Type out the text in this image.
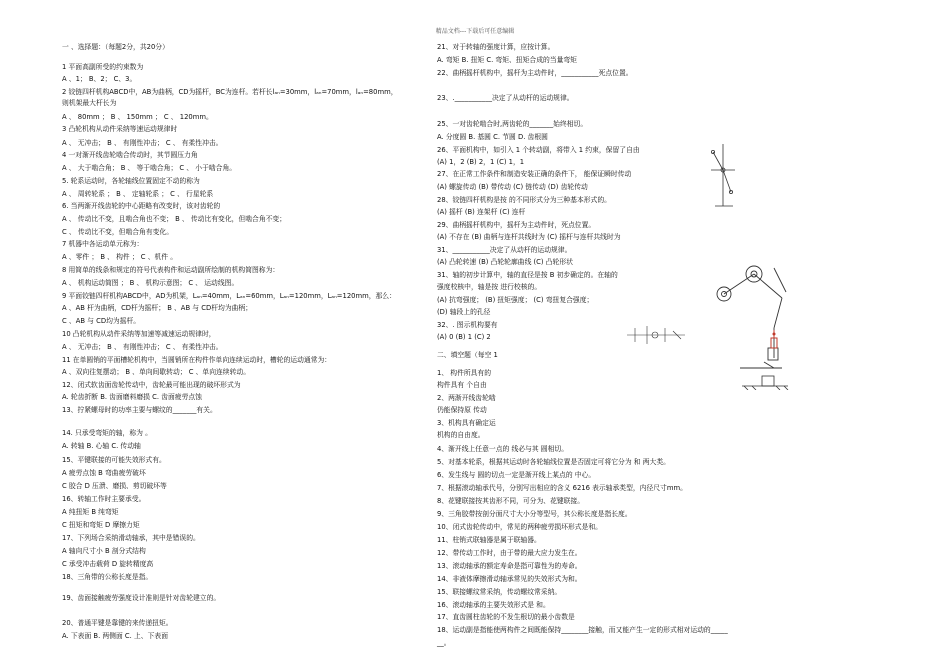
精品文档---下载后可任意编辑
一 、选择题：（每题2分，共20分）
1 平面高副所受的约束数为
A 、1； B、2； C、3。
2 铰链四杆机构ABCD中，AB为曲柄，CD为摇杆，BC为连杆。若杆长lₐₙ=30mm，lₐₙ=70mm，lₐₙ=80mm，
则机架最大杆长为
A 、 80mm ； B 、 150mm ； C 、 120mm。
3 凸轮机构从动件采纳等速运动规律时
A 、 无冲击； B 、 有刚性冲击； C 、 有柔性冲击。
4 一对渐开线齿轮啮合传动时，其节圆压力角
A 、 大于啮合角； B 、 等于啮合角； C 、 小于啮合角。
5. 轮系运动时，各轮轴线位置固定不动的称为
A 、 周转轮系 ； B 、 定轴轮系 ； C 、 行星轮系
6. 当两渐开线齿轮的中心距略有改变时，该对齿轮的
A 、 传动比不变，且啮合角也不变； B 、 传动比有变化，但啮合角不变；
C 、 传动比不变，但啮合角有变化。
7 机器中各运动单元称为：
A 、零件 ； B 、 构件 ； C 、机件 。
8 用简单的线条和规定的符号代表构件和运动副所绘制的机构简图称为：
A 、 机构运动简图 ； B 、 机构示意图； C 、 运动线图。
9 平面铰链四杆机构ABCD中，AD为机架，Lₐₙ=40mm，Lₐₙ=60mm，Lₐₙ=120mm，Lₐₙ=120mm，那么：
A 、AB 杆为曲柄，CD杆为摇杆； B 、AB 与 CD杆均为曲柄；
C 、AB 与 CD均为摇杆。
10 凸轮机构从动件采纳等加速等减速运动规律时，
A 、 无冲击； B 、 有刚性冲击； C 、 有柔性冲击。
11 在单圆销的平面槽轮机构中，当圆销所在构件作单向连续运动时，槽轮的运动通常为：
A 、双向往复摆动； B 、单向间歇转动； C 、单向连续转动。
12、闭式软齿面齿轮传动中，齿轮最可能出现的破坏形式为
A. 轮齿折断 B. 齿面磨料磨损 C. 齿面疲劳点蚀
13、拧紧螺母时的功率主要与螺纹的_______有关。
14. 只承受弯矩的轴，称为 。
A. 转轴 B. 心轴 C. 传动轴
15、平键联接的可能失效形式有。
A 疲劳点蚀 B 弯曲疲劳破坏
C 胶合 D 压溃、磨损、剪切破坏等
16、转轴工作时主要承受。
A 纯扭矩 B 纯弯矩
C 扭矩和弯矩 D 摩擦力矩
17、下列场合采纳滑动轴承，其中是错误的。
A 轴向尺寸小 B 剖分式结构
C 承受冲击载荷 D 旋转精度高
18、三角带的公称长度是指。
19、齿面接触疲劳强度设计准则是针对齿轮建立的。
20、普通平键是靠键的来传递扭矩。
A. 下表面 B. 两侧面 C. 上、下表面
21、对于转轴的强度计算，应按计算。
A. 弯矩 B. 扭矩 C. 弯矩、扭矩合成的当量弯矩
22、曲柄摇杆机构中，摇杆为主动件时，___________死点位置。
23、.___________决定了从动杆的运动规律。
25、一对齿轮啮合时,两齿轮的_______始终相切。
A. 分度圆 B. 基圆 C. 节圆 D. 齿根圆
26、平面机构中，如引入 1 个转动副，将带入 1 约束，保留了自由
(A) 1，2 (B) 2，1 (C) 1，1
27、在正常工作条件和制造安装正确的条件下， 能保证瞬时传动
(A) 螺旋传动 (B) 带传动 (C) 链传动 (D) 齿轮传动
28、铰链四杆机构是按 的不同形式分为三种基本形式的。
(A) 摇杆 (B) 连架杆 (C) 连杆
29、曲柄摇杆机构中，摇杆为主动件时，死点位置。
(A) 不存在 (B) 曲柄与连杆共线时为 (C) 摇杆与连杆共线时为
31、___________决定了从动杆的运动规律。
(A) 凸轮转速 (B) 凸轮轮廓曲线 (C) 凸轮形状
31、轴的初步计算中，轴的直径是按 B 初步确定的。在轴的
强度校核中，轴是按 进行校核的。
(A) 抗弯强度； (B) 扭矩强度； (C) 弯扭复合强度；
(D) 轴段上的孔径
32、. 图示机构要有
(A) 0 (B) 1 (C) 2
二、填空题（每空 1
1、 构件所具有的
构件具有 个自由
2、两渐开线齿轮啮
仍能保持原 传动
3、机构具有确定运
机构的自由度。
4、渐开线上任意一点的 线必与其 圆相切。
5、对基本轮系，根据其运动时各轮轴线位置是否固定可将它分为 和 两大类。
6、发生线与 圆的切点一定是渐开线上某点的 中心。
7、根据滚动轴承代号，分别写出相应的含义 6216 表示轴承类型，内径尺寸mm。
8、花键联接按其齿形不同，可分为、花键联接。
9、三角胶带按剖分面尺寸大小分等型号，其公称长度是指长度。
10、闭式齿轮传动中，常见的两种疲劳损坏形式是和。
11、柱销式联轴器是属于联轴器。
12、带传动工作时，由于带的最大应力发生在。
13、滚动轴承的额定寿命是指可靠性为的寿命。
14、非液体摩擦滑动轴承常见的失效形式为和。
15、联接螺纹常采纳，传动螺纹常采纳。
16、滚动轴承的主要失效形式是 和。
17、直齿圆柱齿轮的不发生根切的最小齿数是
18、运动副是指能使两构件之间既能保持________接触，而又能产生一定的形式相对运动的_____
__。
